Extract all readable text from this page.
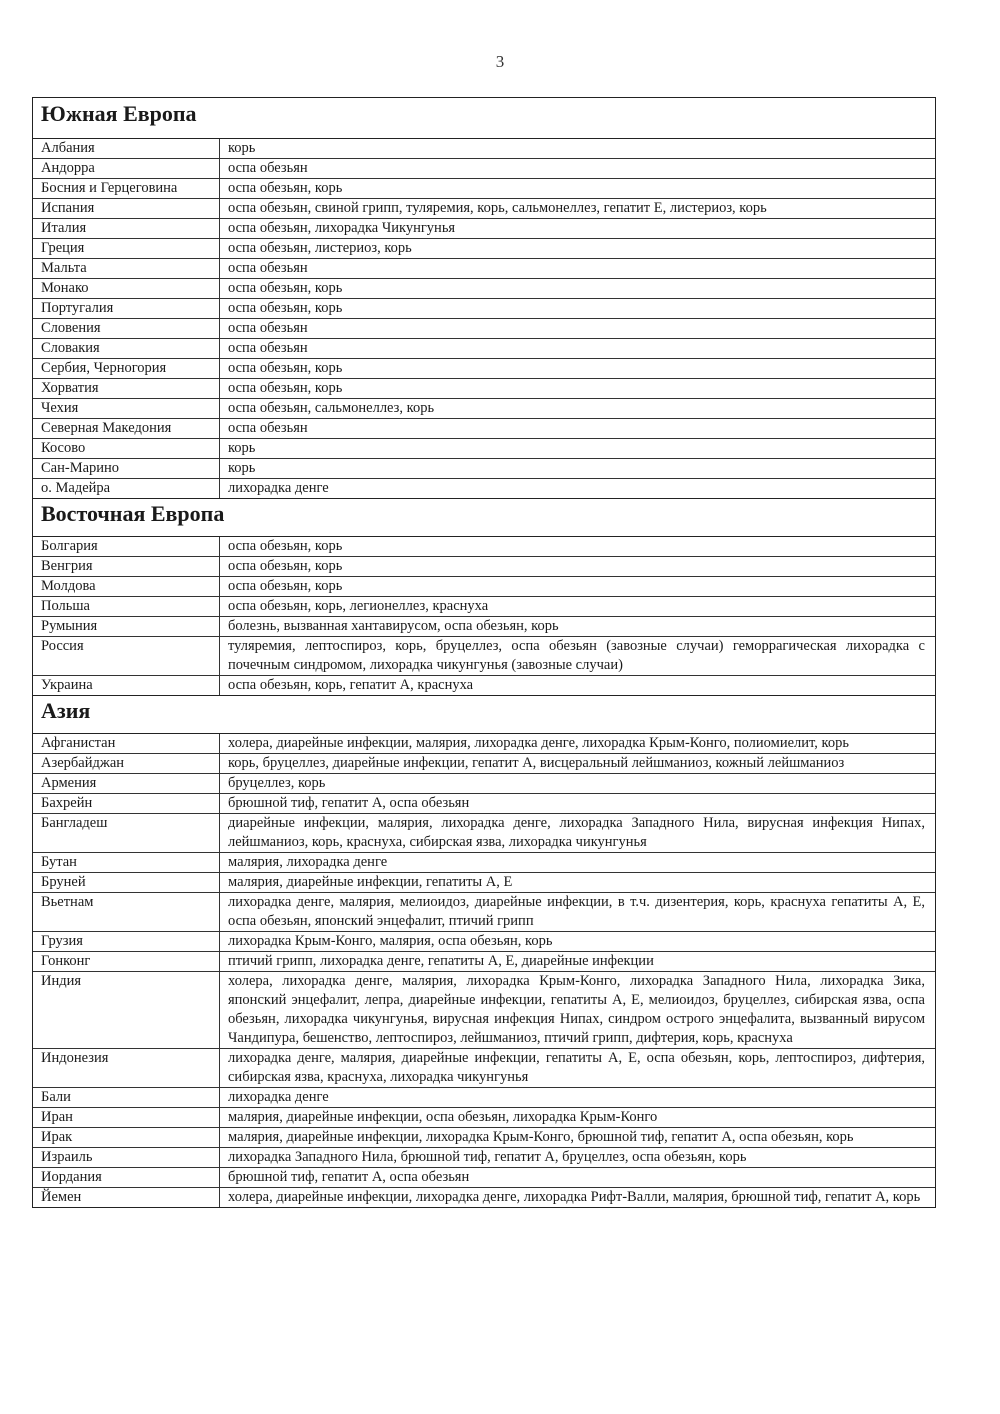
3
Южная Европа
Албания	корь
Андорра	оспа обезьян
Босния и Герцеговина	оспа обезьян, корь
Испания	оспа обезьян, свиной грипп, туляремия, корь, сальмонеллез, гепатит Е, листериоз, корь
Италия	оспа обезьян, лихорадка Чикунгунья
Греция	оспа обезьян, листериоз, корь
Мальта	оспа обезьян
Монако	оспа обезьян, корь
Португалия	оспа обезьян, корь
Словения	оспа обезьян
Словакия	оспа обезьян
Сербия, Черногория	оспа обезьян, корь
Хорватия	оспа обезьян, корь
Чехия	оспа обезьян, сальмонеллез, корь
Северная Македония	оспа обезьян
Косово	корь
Сан-Марино	корь
о. Мадейра	лихорадка денге
Восточная Европа
Болгария	оспа обезьян, корь
Венгрия	оспа обезьян, корь
Молдова	оспа обезьян, корь
Польша	оспа обезьян, корь, легионеллез, краснуха
Румыния	болезнь, вызванная хантавирусом, оспа обезьян, корь
Россия	туляремия, лептоспироз, корь, бруцеллез, оспа обезьян (завозные случаи) геморрагическая лихорадка с почечным синдромом, лихорадка чикунгунья (завозные случаи)
Украина	оспа обезьян, корь, гепатит А, краснуха
Азия
Афганистан	холера, диарейные инфекции, малярия, лихорадка денге, лихорадка Крым-Конго, полиомиелит, корь
Азербайджан	корь, бруцеллез, диарейные инфекции, гепатит А, висцеральный лейшманиоз, кожный лейшманиоз
Армения	бруцеллез, корь
Бахрейн	брюшной тиф, гепатит А, оспа обезьян
Бангладеш	диарейные инфекции, малярия, лихорадка денге, лихорадка Западного Нила, вирусная инфекция Нипах, лейшманиоз, корь, краснуха, сибирская язва, лихорадка чикунгунья
Бутан	малярия, лихорадка денге
Бруней	малярия, диарейные инфекции, гепатиты А, Е
Вьетнам	лихорадка денге, малярия, мелиоидоз, диарейные инфекции, в т.ч. дизентерия, корь, краснуха гепатиты А, Е, оспа обезьян, японский энцефалит, птичий грипп
Грузия	лихорадка Крым-Конго, малярия, оспа обезьян, корь
Гонконг	птичий грипп, лихорадка денге, гепатиты А, Е, диарейные инфекции
Индия	холера, лихорадка денге, малярия, лихорадка Крым-Конго, лихорадка Западного Нила, лихорадка Зика, японский энцефалит, лепра, диарейные инфекции, гепатиты А, Е, мелиоидоз, бруцеллез, сибирская язва, оспа обезьян, лихорадка чикунгунья, вирусная инфекция Нипах, синдром острого энцефалита, вызванный вирусом Чандипура, бешенство, лептоспироз, лейшманиоз, птичий грипп, дифтерия, корь, краснуха
Индонезия	лихорадка денге, малярия, диарейные инфекции, гепатиты А, Е, оспа обезьян, корь, лептоспироз, дифтерия, сибирская язва, краснуха, лихорадка чикунгунья
Бали	лихорадка денге
Иран	малярия, диарейные инфекции, оспа обезьян, лихорадка Крым-Конго
Ирак	малярия, диарейные инфекции, лихорадка Крым-Конго, брюшной тиф, гепатит А, оспа обезьян, корь
Израиль	лихорадка Западного Нила, брюшной тиф, гепатит А, бруцеллез, оспа обезьян, корь
Иордания	брюшной тиф, гепатит А, оспа обезьян
Йемен	холера, диарейные инфекции, лихорадка денге, лихорадка Рифт-Валли, малярия, брюшной тиф, гепатит А, корь
